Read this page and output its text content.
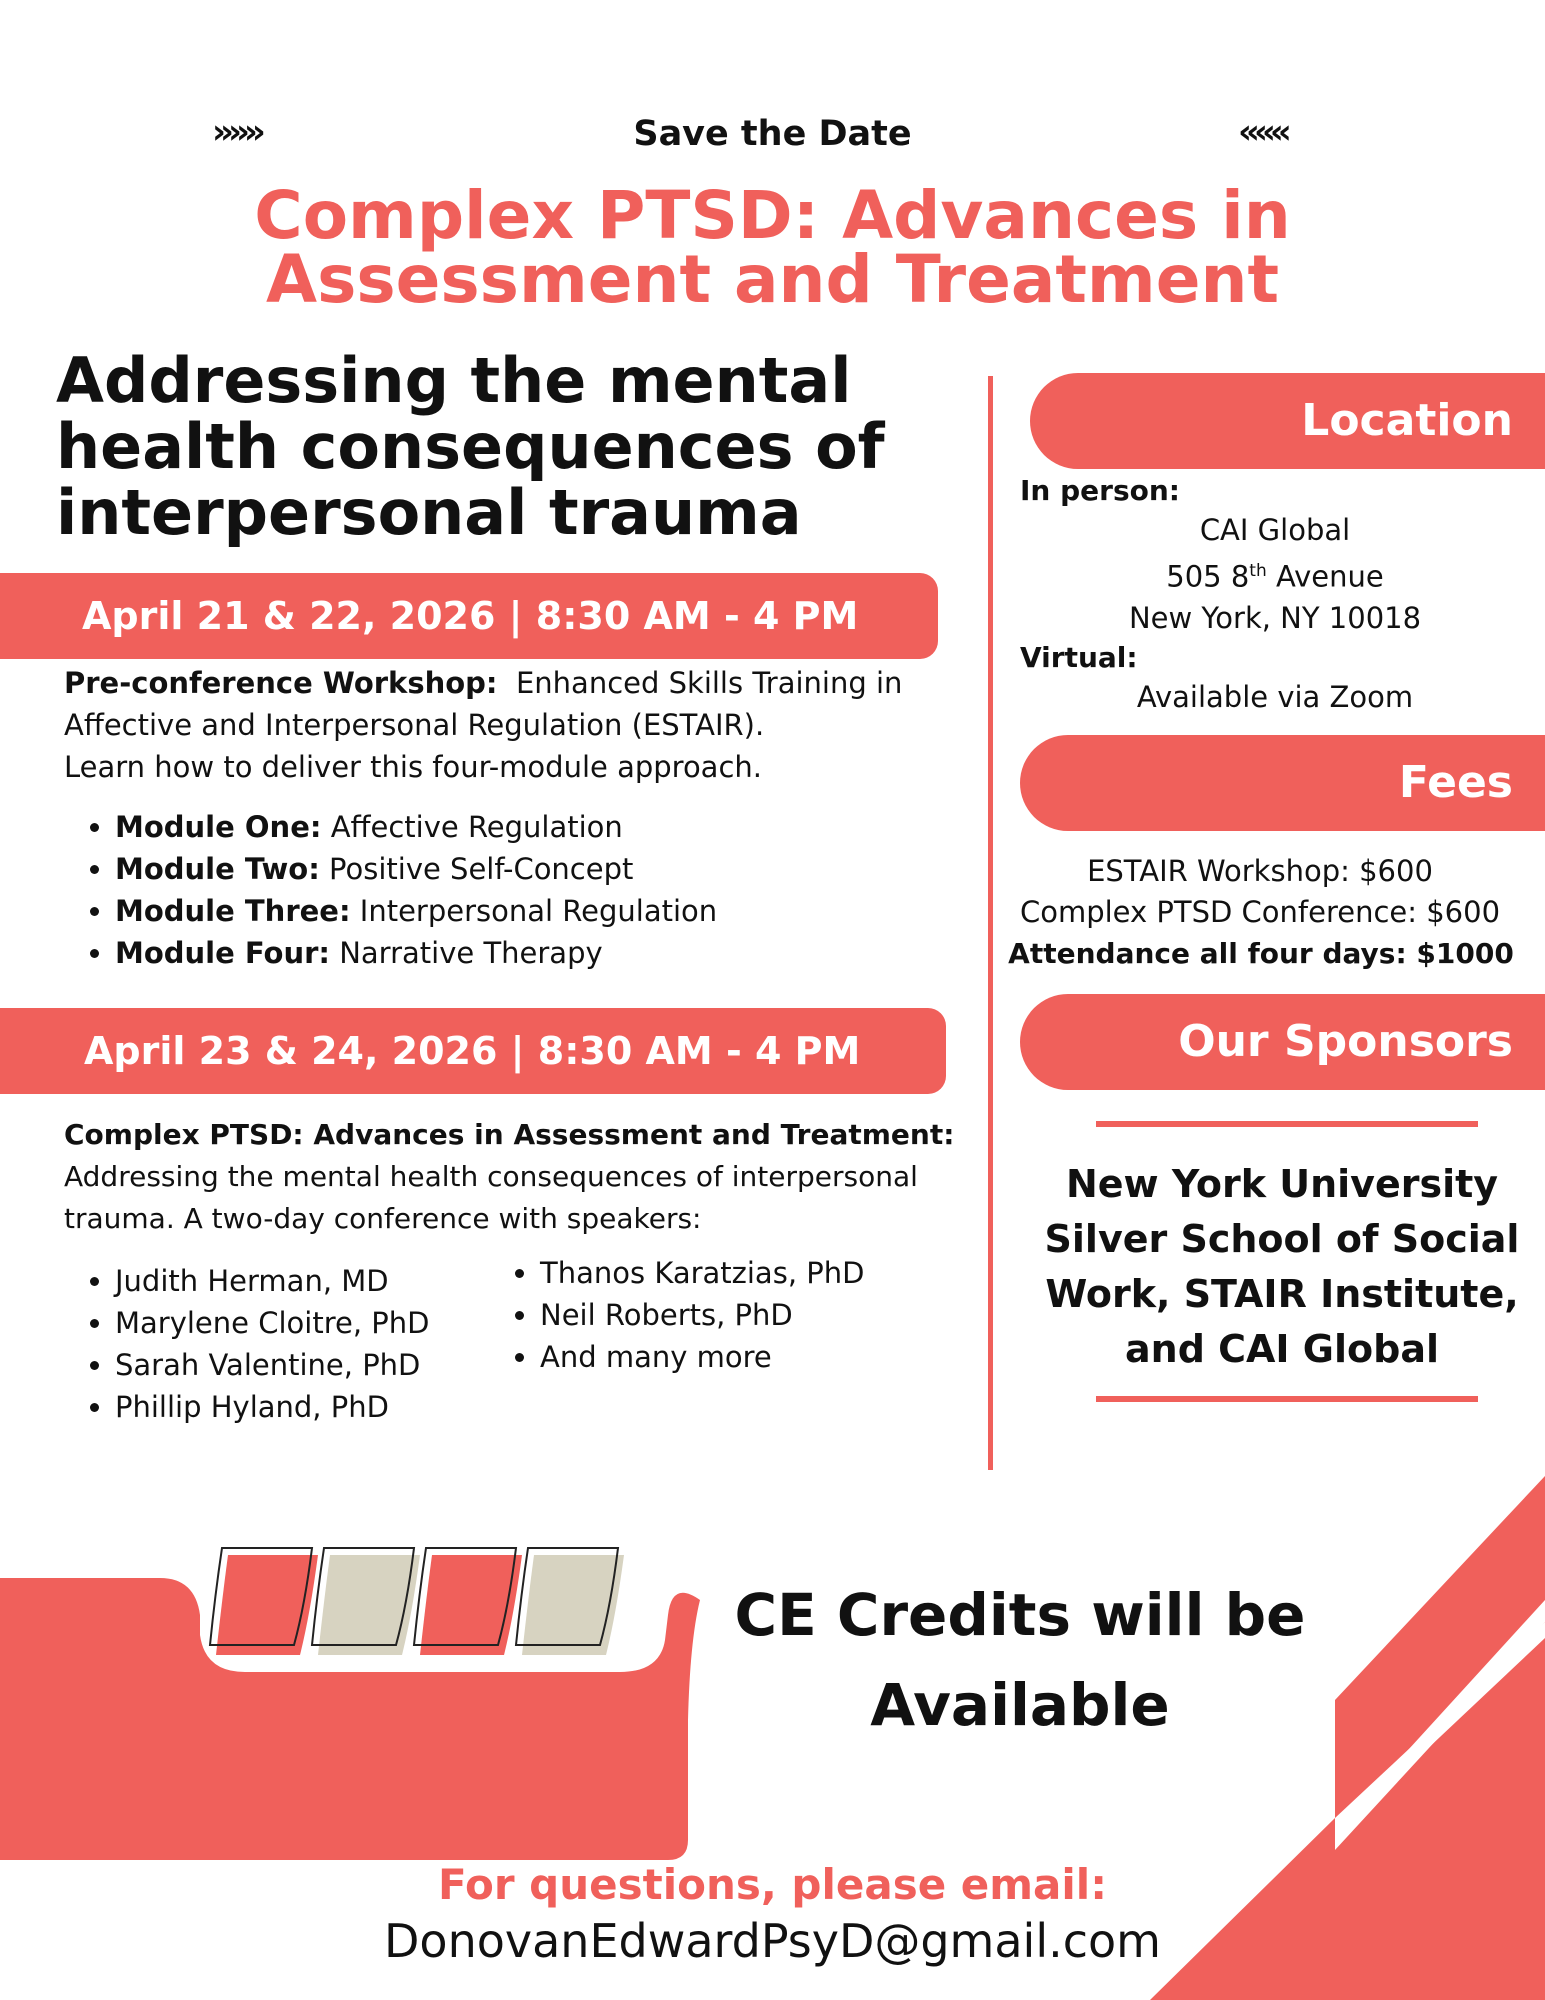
»»»	«««
Save the Date
Complex PTSD: Advances in
Assessment and Treatment
Addressing the mental
health consequences of
interpersonal trauma
April 21 & 22, 2026 | 8:30 AM - 4 PM
Pre-conference Workshop: Enhanced Skills Training in
Affective and Interpersonal Regulation (ESTAIR).
Learn how to deliver this four-module approach.
• Module One: Affective Regulation
• Module Two: Positive Self-Concept
• Module Three: Interpersonal Regulation
• Module Four: Narrative Therapy
April 23 & 24, 2026 | 8:30 AM - 4 PM
Complex PTSD: Advances in Assessment and Treatment:
Addressing the mental health consequences of interpersonal
trauma. A two-day conference with speakers:
• Judith Herman, MD
• Marylene Cloitre, PhD
• Sarah Valentine, PhD
• Phillip Hyland, PhD
• Thanos Karatzias, PhD
• Neil Roberts, PhD
• And many more
Location
In person:
CAI Global
505 8th Avenue
New York, NY 10018
Virtual:
Available via Zoom
Fees
ESTAIR Workshop: $600
Complex PTSD Conference: $600
Attendance all four days: $1000
Our Sponsors
New York University
Silver School of Social
Work, STAIR Institute,
and CAI Global
CE Credits will be
Available
For questions, please email:
DonovanEdwardPsyD@gmail.com
